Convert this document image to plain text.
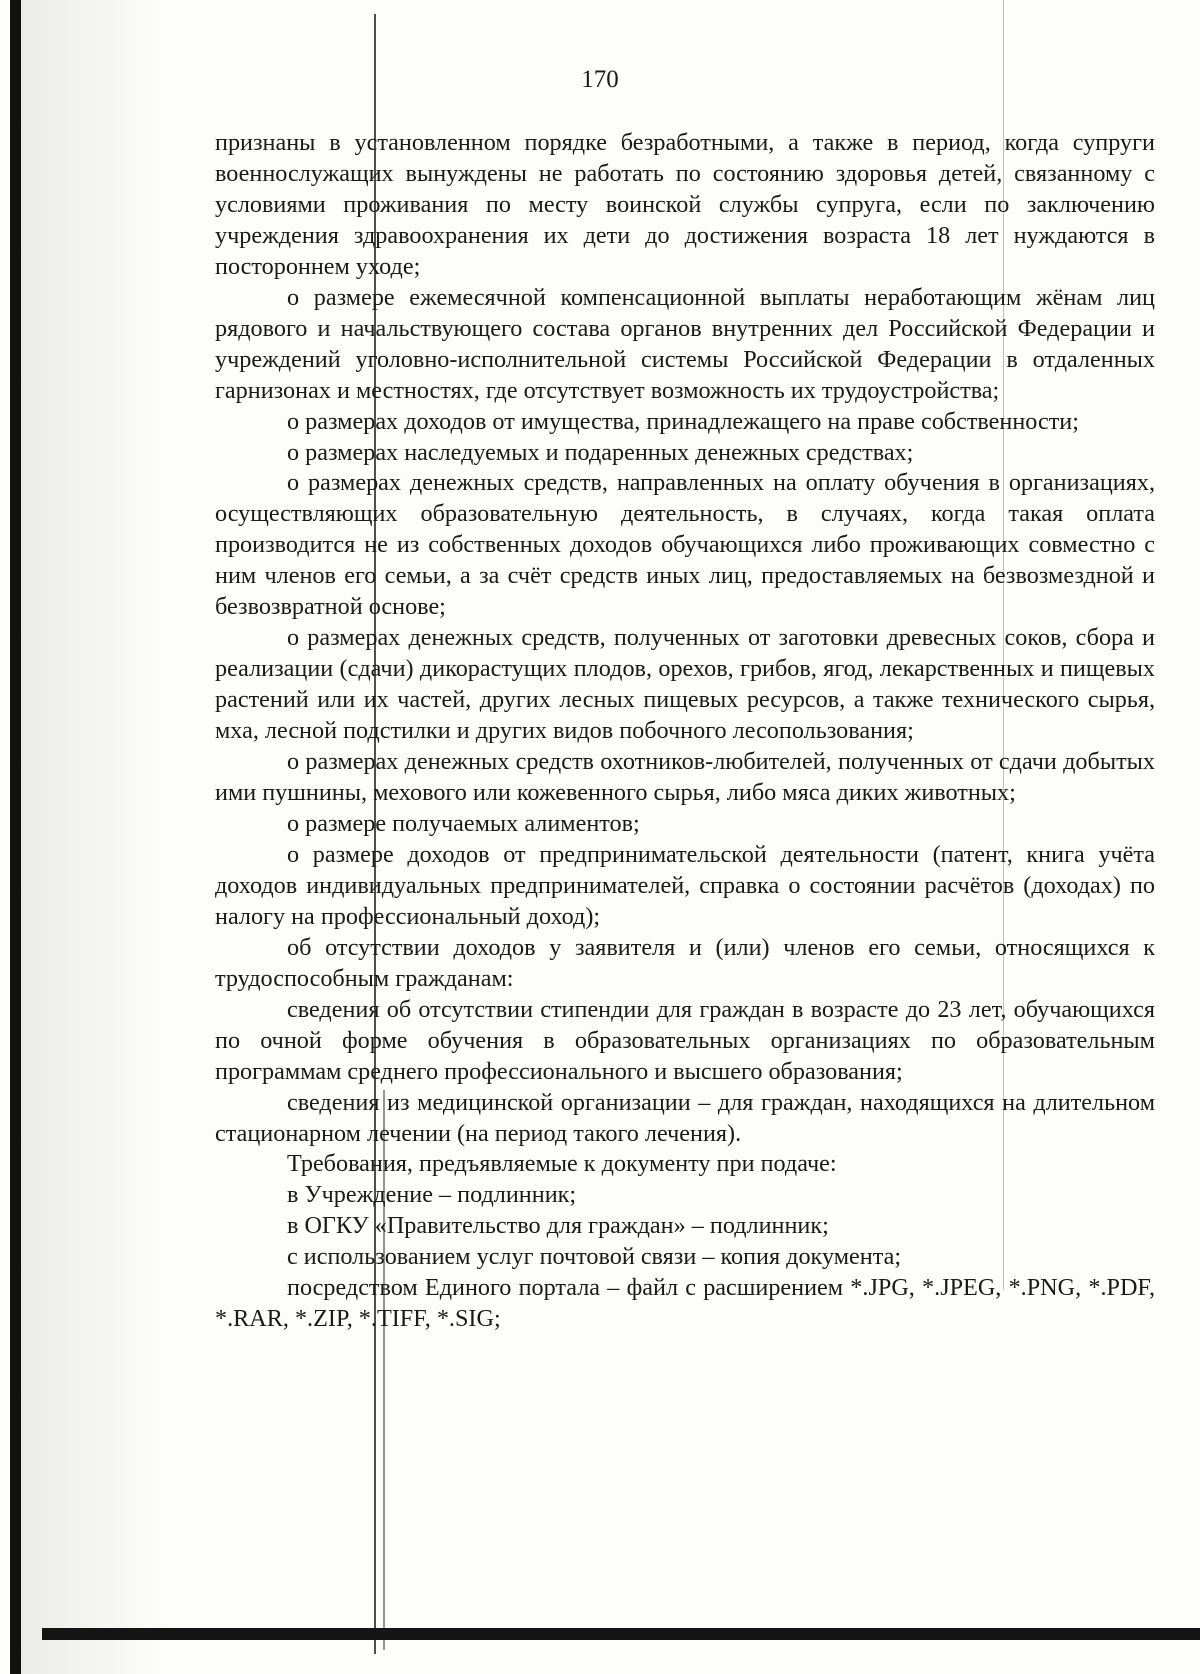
170

признаны в установленном порядке безработными, а также в период, когда супруги военнослужащих вынуждены не работать по состоянию здоровья детей, связанному с условиями проживания по месту воинской службы супруга, если по заключению учреждения здравоохранения их дети до достижения возраста 18 лет нуждаются в постороннем уходе;

о размере ежемесячной компенсационной выплаты неработающим жёнам лиц рядового и начальствующего состава органов внутренних дел Российской Федерации и учреждений уголовно-исполнительной системы Российской Федерации в отдаленных гарнизонах и местностях, где отсутствует возможность их трудоустройства;

о размерах доходов от имущества, принадлежащего на праве собственности;

о размерах наследуемых и подаренных денежных средствах;

о размерах денежных средств, направленных на оплату обучения в организациях, осуществляющих образовательную деятельность, в случаях, когда такая оплата производится не из собственных доходов обучающихся либо проживающих совместно с ним членов его семьи, а за счёт средств иных лиц, предоставляемых на безвозмездной и безвозвратной основе;

о размерах денежных средств, полученных от заготовки древесных соков, сбора и реализации (сдачи) дикорастущих плодов, орехов, грибов, ягод, лекарственных и пищевых растений или их частей, других лесных пищевых ресурсов, а также технического сырья, мха, лесной подстилки и других видов побочного лесопользования;

о размерах денежных средств охотников-любителей, полученных от сдачи добытых ими пушнины, мехового или кожевенного сырья, либо мяса диких животных;

о размере получаемых алиментов;

о размере доходов от предпринимательской деятельности (патент, книга учёта доходов индивидуальных предпринимателей, справка о состоянии расчётов (доходах) по налогу на профессиональный доход);

об отсутствии доходов у заявителя и (или) членов его семьи, относящихся к трудоспособным гражданам:

сведения об отсутствии стипендии для граждан в возрасте до 23 лет, обучающихся по очной форме обучения в образовательных организациях по образовательным программам среднего профессионального и высшего образования;

сведения из медицинской организации – для граждан, находящихся на длительном стационарном лечении (на период такого лечения).

Требования, предъявляемые к документу при подаче:

в Учреждение – подлинник;

в ОГКУ «Правительство для граждан» – подлинник;

с использованием услуг почтовой связи – копия документа;

посредством Единого портала – файл с расширением *.JPG, *.JPEG, *.PNG, *.PDF, *.RAR, *.ZIP, *.TIFF, *.SIG;
